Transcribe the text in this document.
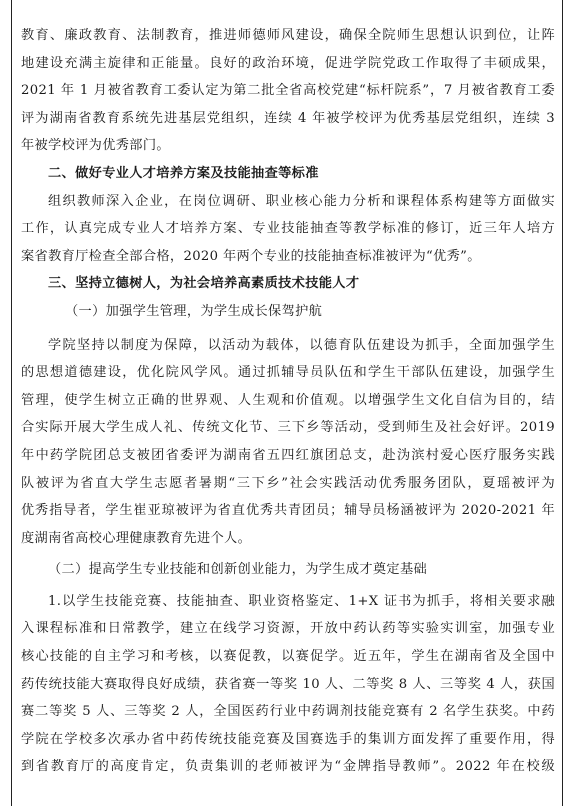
教育、廉政教育、法制教育，推进师德师风建设，确保全院师生思想认识到位，让阵
地建设充满主旋律和正能量。良好的政治环境，促进学院党政工作取得了丰硕成果，
2021 年 1 月被省教育工委认定为第二批全省高校党建“标杆院系”，7 月被省教育工委
评为湖南省教育系统先进基层党组织，连续 4 年被学校评为优秀基层党组织，连续 3
年被学校评为优秀部门。
二、做好专业人才培养方案及技能抽查等标准
组织教师深入企业，在岗位调研、职业核心能力分析和课程体系构建等方面做实
工作，认真完成专业人才培养方案、专业技能抽查等教学标准的修订，近三年人培方
案省教育厅检查全部合格，2020 年两个专业的技能抽查标准被评为“优秀”。
三、坚持立德树人，为社会培养高素质技术技能人才
（一）加强学生管理，为学生成长保驾护航
学院坚持以制度为保障，以活动为载体，以德育队伍建设为抓手，全面加强学生
的思想道德建设，优化院风学风。通过抓辅导员队伍和学生干部队伍建设，加强学生
管理，使学生树立正确的世界观、人生观和价值观。以增强学生文化自信为目的，结
合实际开展大学生成人礼、传统文化节、三下乡等活动，受到师生及社会好评。2019
年中药学院团总支被团省委评为湖南省五四红旗团总支，赴沩滨村爱心医疗服务实践
队被评为省直大学生志愿者暑期“三下乡”社会实践活动优秀服务团队，夏瑶被评为
优秀指导者，学生崔亚琼被评为省直优秀共青团员；辅导员杨涵被评为 2020-2021 年
度湖南省高校心理健康教育先进个人。
（二）提高学生专业技能和创新创业能力，为学生成才奠定基础
1.以学生技能竞赛、技能抽查、职业资格鉴定、1+X 证书为抓手，将相关要求融
入课程标准和日常教学，建立在线学习资源，开放中药认药等实验实训室，加强专业
核心技能的自主学习和考核，以赛促教，以赛促学。近五年，学生在湖南省及全国中
药传统技能大赛取得良好成绩，获省赛一等奖 10 人、二等奖 8 人、三等奖 4 人，获国
赛二等奖 5 人、三等奖 2 人，全国医药行业中药调剂技能竞赛有 2 名学生获奖。中药
学院在学校多次承办省中药传统技能竞赛及国赛选手的集训方面发挥了重要作用，得
到省教育厅的高度肯定，负责集训的老师被评为“金牌指导教师”。2022 年在校级
